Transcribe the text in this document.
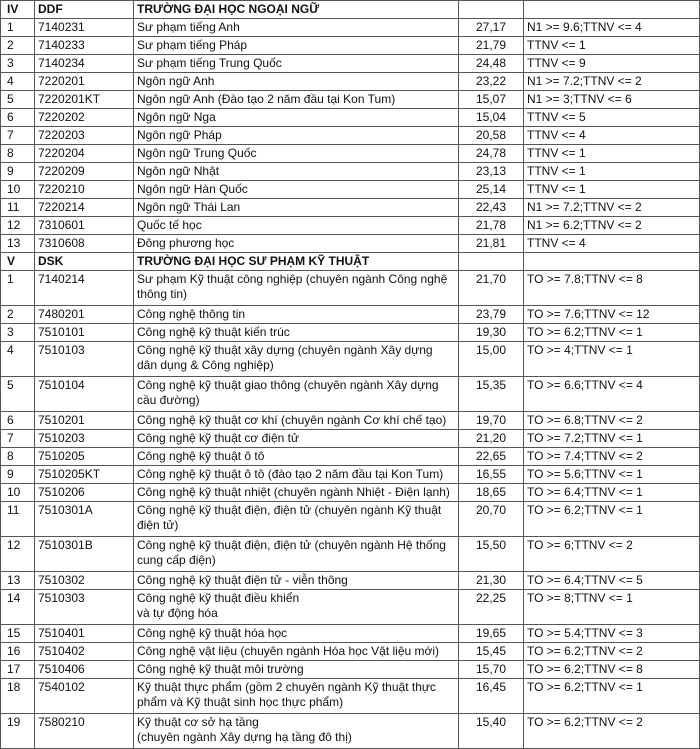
IV	DDF	TRƯỜNG ĐẠI HỌC NGOẠI NGỮ		
1	7140231	Sư phạm tiếng Anh	27,17	N1 >= 9.6;TTNV <= 4
2	7140233	Sư phạm tiếng Pháp	21,79	TTNV <= 1
3	7140234	Sư phạm tiếng Trung Quốc	24,48	TTNV <= 9
4	7220201	Ngôn ngữ Anh	23,22	N1 >= 7.2;TTNV <= 2
5	7220201KT	Ngôn ngữ Anh (Đào tạo 2 năm đầu tại Kon Tum)	15,07	N1 >= 3;TTNV <= 6
6	7220202	Ngôn ngữ Nga	15,04	TTNV <= 5
7	7220203	Ngôn ngữ Pháp	20,58	TTNV <= 4
8	7220204	Ngôn ngữ Trung Quốc	24,78	TTNV <= 1
9	7220209	Ngôn ngữ Nhật	23,13	TTNV <= 1
10	7220210	Ngôn ngữ Hàn Quốc	25,14	TTNV <= 1
11	7220214	Ngôn ngữ Thái Lan	22,43	N1 >= 7.2;TTNV <= 2
12	7310601	Quốc tế học	21,78	N1 >= 6.2;TTNV <= 2
13	7310608	Đông phương học	21,81	TTNV <= 4
V	DSK	TRƯỜNG ĐẠI HỌC SƯ PHẠM KỸ THUẬT		
1	7140214	Sư phạm Kỹ thuật công nghiệp (chuyên ngành Công nghệ thông tin)	21,70	TO >= 7.8;TTNV <= 8
2	7480201	Công nghệ thông tin	23,79	TO >= 7.6;TTNV <= 12
3	7510101	Công nghệ kỹ thuật kiến trúc	19,30	TO >= 6.2;TTNV <= 1
4	7510103	Công nghệ kỹ thuật xây dựng (chuyên ngành Xây dựng dân dụng & Công nghiệp)	15,00	TO >= 4;TTNV <= 1
5	7510104	Công nghệ kỹ thuật giao thông (chuyên ngành Xây dựng cầu đường)	15,35	TO >= 6.6;TTNV <= 4
6	7510201	Công nghệ kỹ thuật cơ khí (chuyên ngành Cơ khí chế tạo)	19,70	TO >= 6.8;TTNV <= 2
7	7510203	Công nghệ kỹ thuật cơ điện tử	21,20	TO >= 7.2;TTNV <= 1
8	7510205	Công nghệ kỹ thuật ô tô	22,65	TO >= 7.4;TTNV <= 2
9	7510205KT	Công nghệ kỹ thuật ô tô (đào tạo 2 năm đầu tại Kon Tum)	16,55	TO >= 5.6;TTNV <= 1
10	7510206	Công nghệ kỹ thuật nhiệt (chuyên ngành Nhiệt - Điện lạnh)	18,65	TO >= 6.4;TTNV <= 1
11	7510301A	Công nghệ kỹ thuật điện, điện tử (chuyên ngành Kỹ thuật điện tử)	20,70	TO >= 6.2;TTNV <= 1
12	7510301B	Công nghệ kỹ thuật điện, điện tử (chuyên ngành Hệ thống cung cấp điện)	15,50	TO >= 6;TTNV <= 2
13	7510302	Công nghệ kỹ thuật điện tử - viễn thông	21,30	TO >= 6.4;TTNV <= 5
14	7510303	Công nghệ kỹ thuật điều khiển
và tự động hóa	22,25	TO >= 8;TTNV <= 1
15	7510401	Công nghệ kỹ thuật hóa học	19,65	TO >= 5.4;TTNV <= 3
16	7510402	Công nghệ vật liệu (chuyên ngành Hóa học Vật liệu mới)	15,45	TO >= 6.2;TTNV <= 2
17	7510406	Công nghệ kỹ thuật môi trường	15,70	TO >= 6.2;TTNV <= 8
18	7540102	Kỹ thuật thực phẩm (gồm 2 chuyên ngành Kỹ thuật thực phẩm và Kỹ thuật sinh học thực phẩm)	16,45	TO >= 6.2;TTNV <= 1
19	7580210	Kỹ thuật cơ sở hạ tầng
(chuyên ngành Xây dựng hạ tầng đô thị)	15,40	TO >= 6.2;TTNV <= 2
